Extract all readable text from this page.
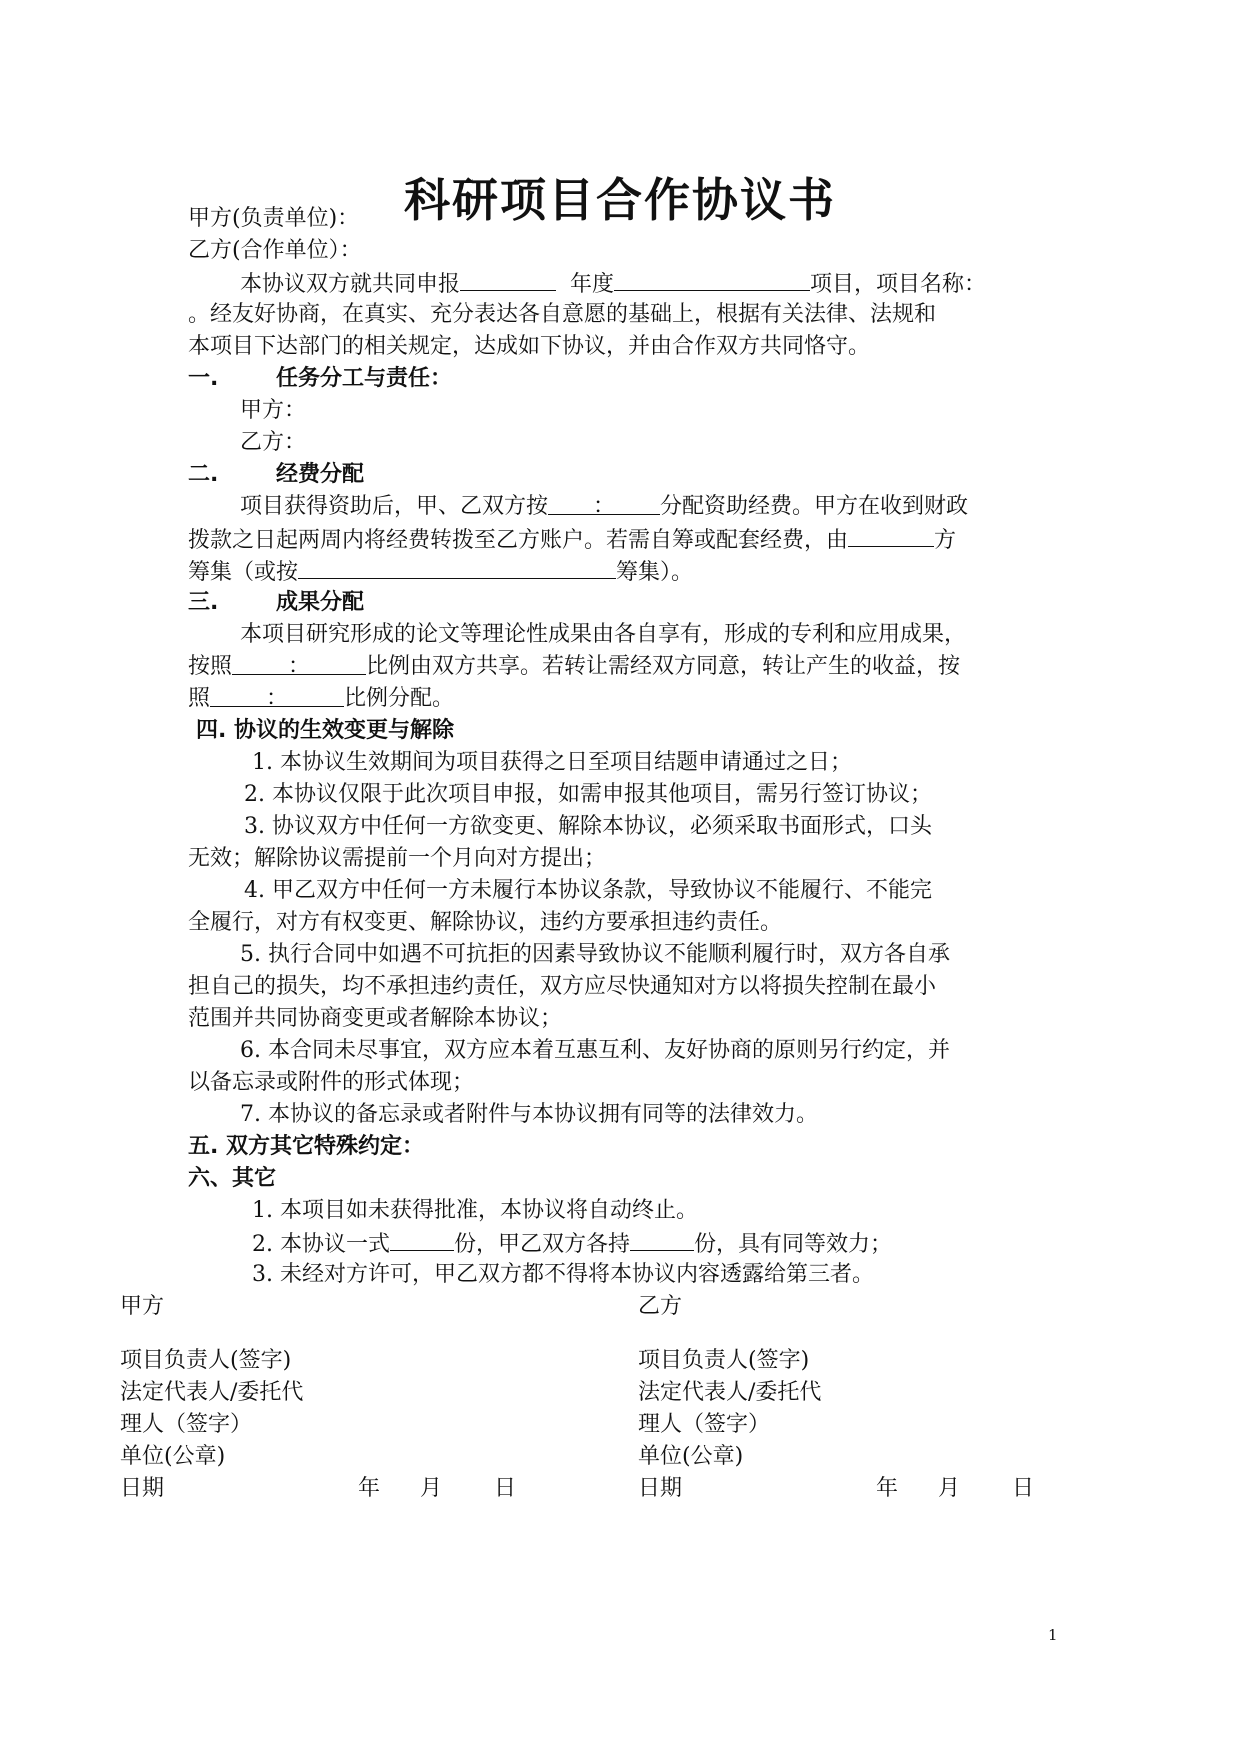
科研项目合作协议书
甲方(负责单位)：
乙方(合作单位）：
本协议双方就共同申报	年度	项目，项目名称：
。经友好协商，在真实、充分表达各自意愿的基础上，根据有关法律、法规和
本项目下达部门的相关规定，达成如下协议，并由合作双方共同恪守。
一.	任务分工与责任：
甲方：
乙方：
二.	经费分配
项目获得资助后，甲、乙双方按 ： 分配资助经费。甲方在收到财政
拨款之日起两周内将经费转拨至乙方账户。若需自筹或配套经费，由	方
筹集（或按	筹集）。
三.	成果分配
本项目研究形成的论文等理论性成果由各自享有，形成的专利和应用成果，
按照	：	比例由双方共享。若转让需经双方同意，转让产生的收益，按
照	：	比例分配。
四. 协议的生效变更与解除
1. 本协议生效期间为项目获得之日至项目结题申请通过之日；
2. 本协议仅限于此次项目申报，如需申报其他项目，需另行签订协议；
3. 协议双方中任何一方欲变更、解除本协议，必须采取书面形式，口头
无效；解除协议需提前一个月向对方提出；
4. 甲乙双方中任何一方未履行本协议条款，导致协议不能履行、不能完
全履行，对方有权变更、解除协议，违约方要承担违约责任。
5. 执行合同中如遇不可抗拒的因素导致协议不能顺利履行时，双方各自承
担自己的损失，均不承担违约责任，双方应尽快通知对方以将损失控制在最小
范围并共同协商变更或者解除本协议；
6. 本合同未尽事宜，双方应本着互惠互利、友好协商的原则另行约定，并
以备忘录或附件的形式体现；
7. 本协议的备忘录或者附件与本协议拥有同等的法律效力。
五. 双方其它特殊约定：
六、其它
1. 本项目如未获得批准，本协议将自动终止。
2. 本协议一式	份，甲乙双方各持	份，具有同等效力；
3. 未经对方许可，甲乙双方都不得将本协议内容透露给第三者。
甲方
项目负责人(签字)
法定代表人/委托代
理人（签字）
单位(公章)
日期	年 月 日
乙方
项目负责人(签字)
法定代表人/委托代
理人（签字）
单位(公章)
日期	年 月 日
1
